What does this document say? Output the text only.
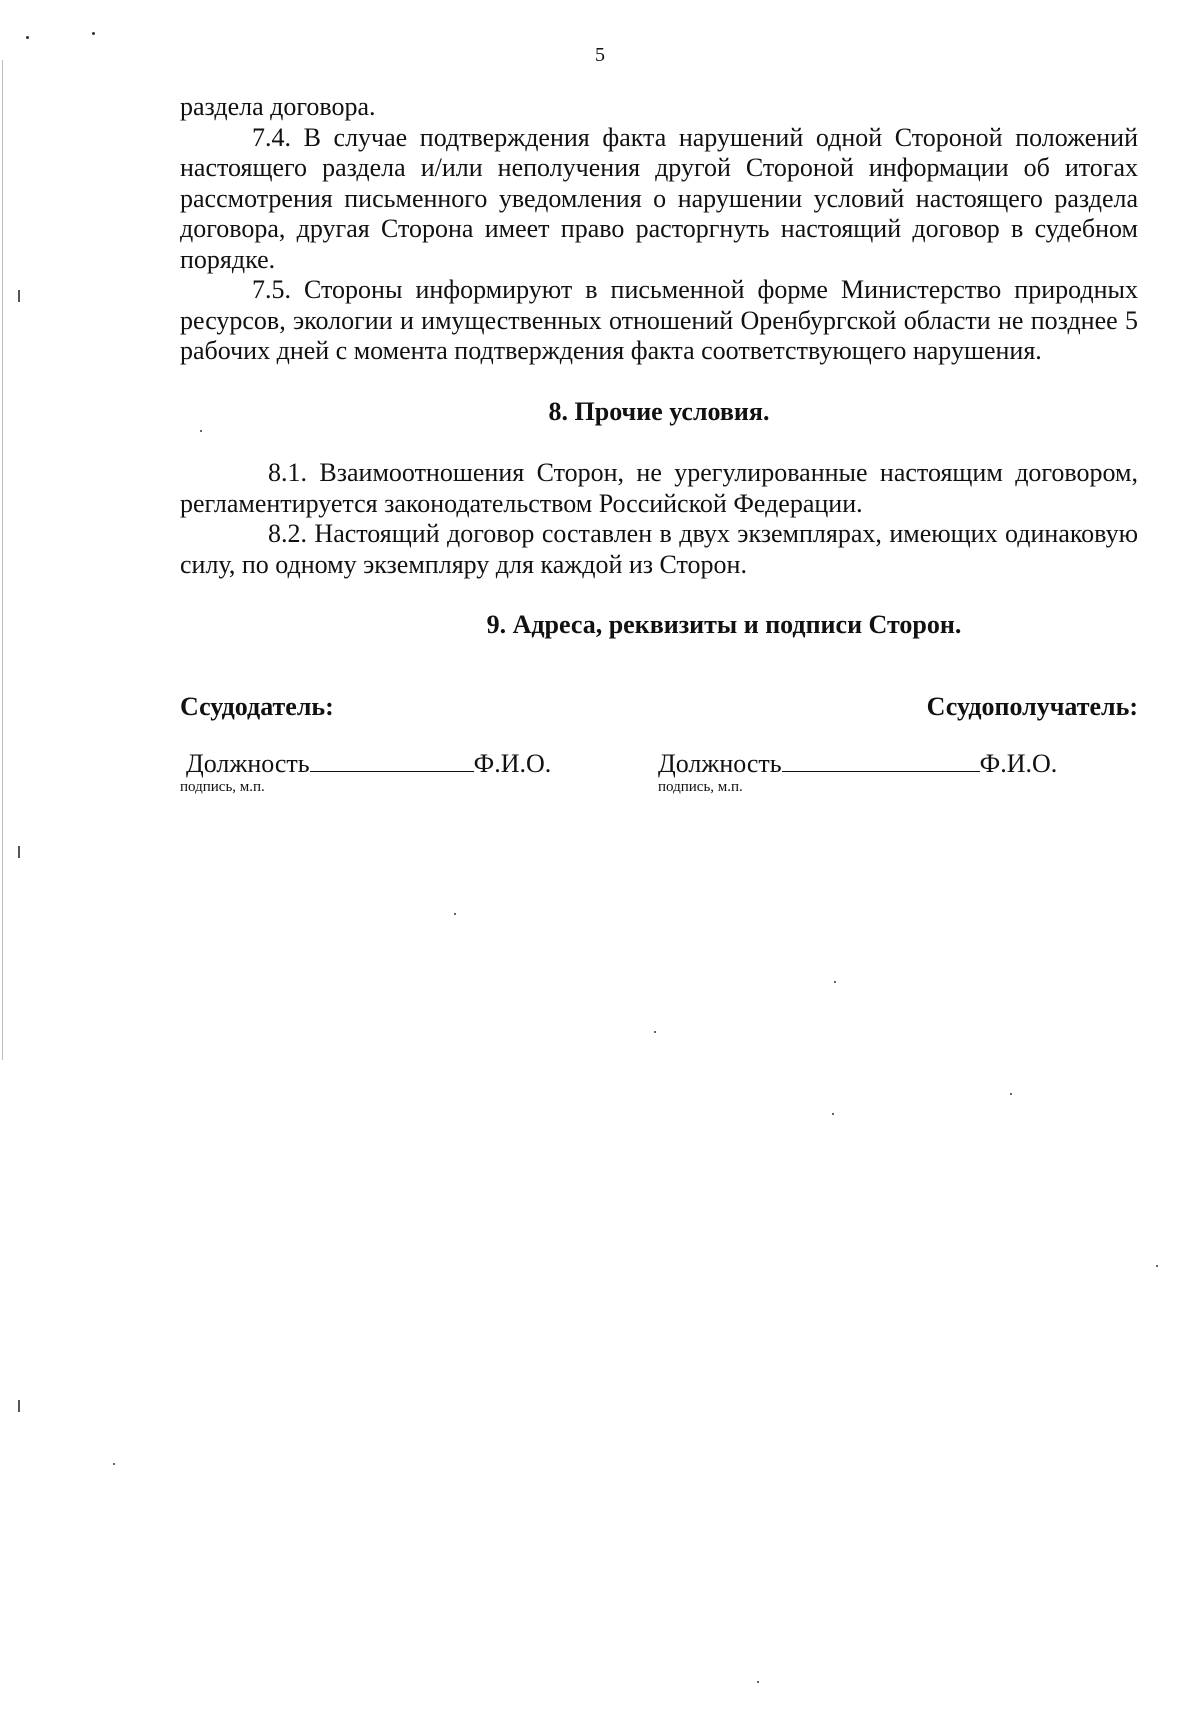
5

раздела договора.

7.4. В случае подтверждения факта нарушений одной Стороной положений настоящего раздела и/или неполучения другой Стороной информации об итогах рассмотрения письменного уведомления о нарушении условий настоящего раздела договора, другая Сторона имеет право расторгнуть настоящий договор в судебном порядке.

7.5. Стороны информируют в письменной форме Министерство природных ресурсов, экологии и имущественных отношений Оренбургской области не позднее 5 рабочих дней с момента подтверждения факта соответствующего нарушения.

8. Прочие условия.

8.1. Взаимоотношения Сторон, не урегулированные настоящим договором, регламентируется законодательством Российской Федерации.

8.2. Настоящий договор составлен в двух экземплярах, имеющих одинаковую силу, по одному экземпляру для каждой из Сторон.

9. Адреса, реквизиты и подписи Сторон.
Ссудодатель:	Ссудополучатель:
Должность	Ф.И.О.
подпись, м.п.
Должность	Ф.И.О.
подпись, м.п.
